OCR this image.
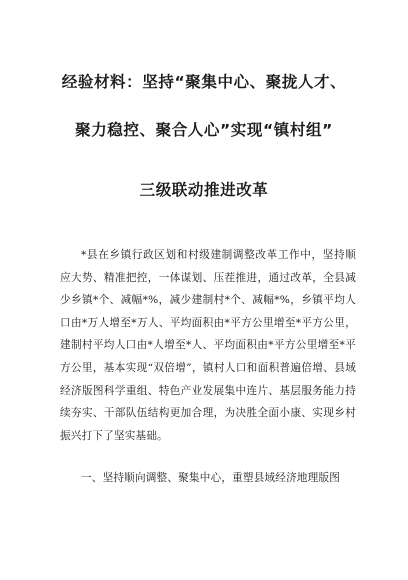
经验材料：坚持“聚集中心、聚拢人才、
聚力稳控、聚合人心”实现“镇村组”
三级联动推进改革

*县在乡镇行政区划和村级建制调整改革工作中，坚持顺应大势、精准把控，一体谋划、压茬推进，通过改革，全县减少乡镇*个、减幅*%，减少建制村*个、减幅*%，乡镇平均人口由*万人增至*万人、平均面积由*平方公里增至*平方公里，建制村平均人口由*人增至*人、平均面积由*平方公里增至*平方公里，基本实现“双倍增”，镇村人口和面积普遍倍增、县域经济版图科学重组、特色产业发展集中连片、基层服务能力持续夯实、干部队伍结构更加合理，为决胜全面小康、实现乡村振兴打下了坚实基础。

一、坚持顺向调整、聚集中心，重塑县域经济地理版图
